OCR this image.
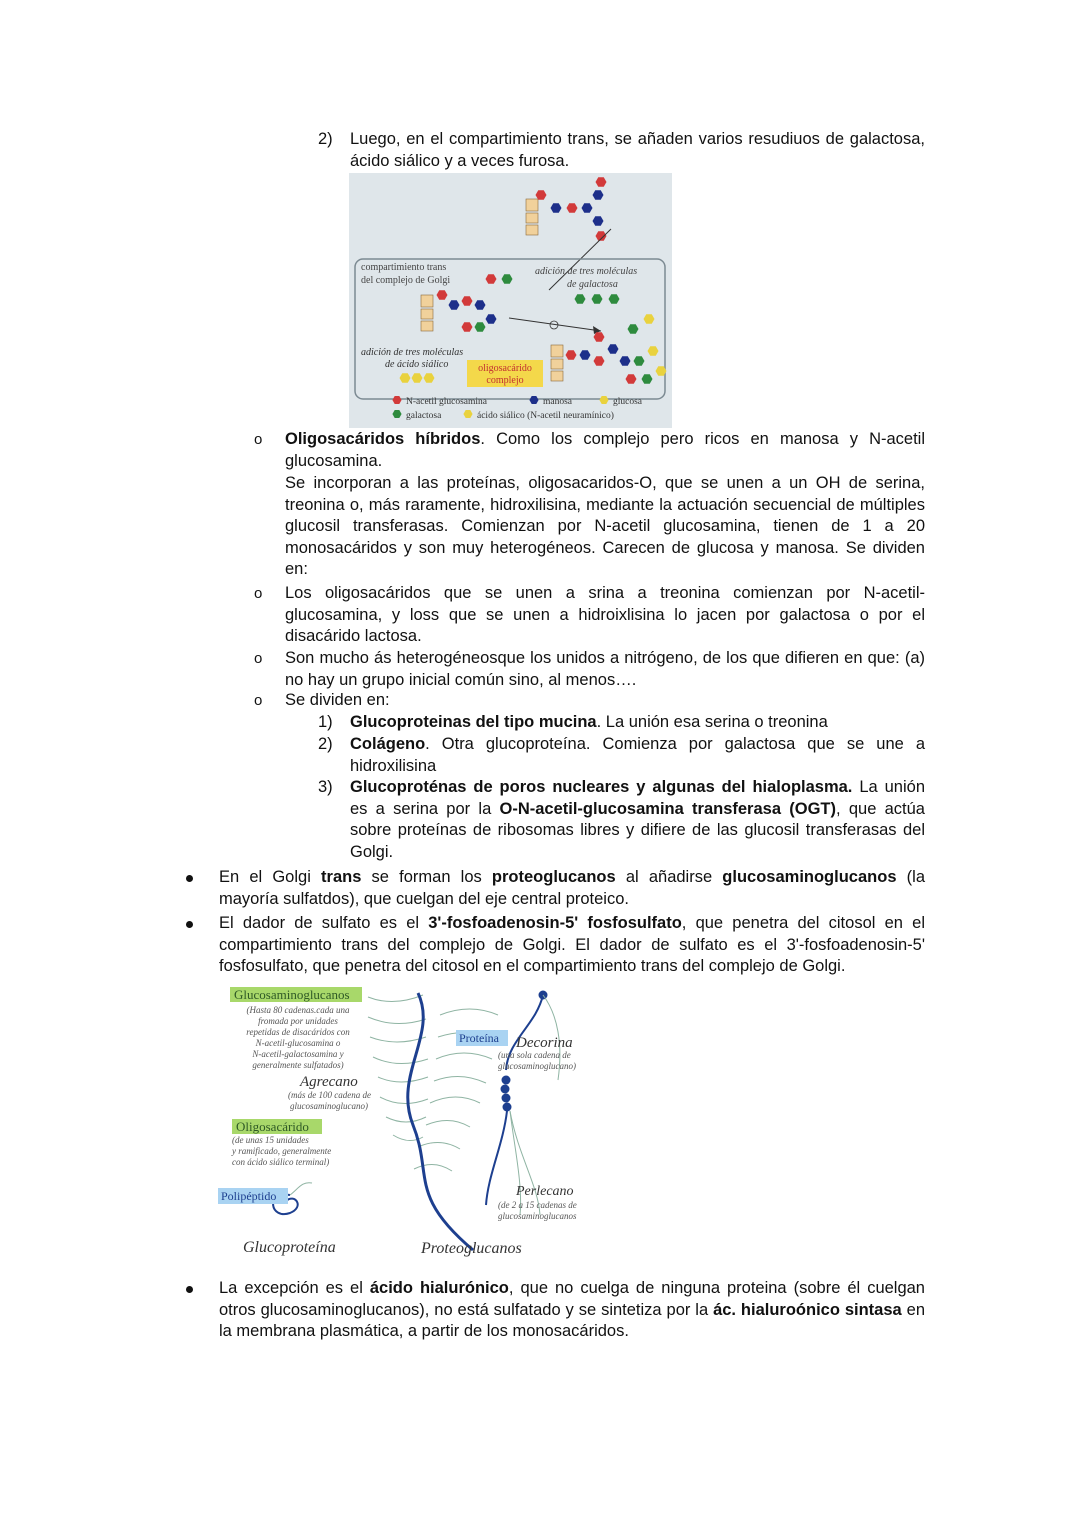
2) Luego, en el compartimiento trans, se añaden varios resudiuos de galactosa, ácido siálico y a veces furosa.
compartimiento trans
del complejo de Golgi
adición de tres moléculas
de galactosa
adición de tres moléculas
de ácido siálico	oligosacárido
complejo
N-acetil glucosamina	manosa	glucosa
galactosa	ácido siálico (N-acetil neuramínico)
o Oligosacáridos híbridos. Como los complejo pero ricos en manosa y N-acetil glucosamina.
Se incorporan a las proteínas, oligosacaridos-O, que se unen a un OH de serina, treonina o, más raramente, hidroxilisina, mediante la actuación secuencial de múltiples glucosil transferasas. Comienzan por N-acetil glucosamina, tienen de 1 a 20 monosacáridos y son muy heterogéneos. Carecen de glucosa y manosa. Se dividen en:
o Los oligosacáridos que se unen a srina a treonina comienzan por N-acetil-glucosamina, y loss que se unen a hidroixlisina lo jacen por galactosa o por el disacárido lactosa.
o Son mucho ás heterogéneosque los unidos a nitrógeno, de los que difieren en que: (a) no hay un grupo inicial común sino, al menos….
o Se dividen en:
1) Glucoproteinas del tipo mucina. La unión esa serina o treonina
2) Colágeno. Otra glucoproteína. Comienza por galactosa que se une a hidroxilisina
3) Glucoproténas de poros nucleares y algunas del hialoplasma. La unión es a serina por la O-N-acetil-glucosamina transferasa (OGT), que actúa sobre proteínas de ribosomas libres y difiere de las glucosil transferasas del Golgi.
En el Golgi trans se forman los proteoglucanos al añadirse glucosaminoglucanos (la mayoría sulfatdos), que cuelgan del eje central proteico.
El dador de sulfato es el 3'-fosfoadenosin-5' fosfosulfato, que penetra del citosol en el compartimiento trans del complejo de Golgi. El dador de sulfato es el 3'-fosfoadenosin-5' fosfosulfato, que penetra del citosol en el compartimiento trans del complejo de Golgi.
Glucosaminoglucanos
(Hasta 80 cadenas.cada una
fromada por unidades
repetidas de disacáridos con
N-acetil-glucosamina o
N-acetil-galactosamina y
generalmente sulfatados)
Agrecano
(más de 100 cadena de
glucosaminoglucano)
Oligosacárido
(de unas 15 unidades
y ramificado, generalmente
con ácido siálico terminal)
Polipéptido
Glucoproteína
Proteína Decorina
(una sola cadena de
glucosaminoglucano)
Perlecano
(de 2 a 15 cadenas de
glucosaminoglucanos
Proteoglucanos
La excepción es el ácido hialurónico, que no cuelga de ninguna proteina (sobre él cuelgan otros glucosaminoglucanos), no está sulfatado y se sintetiza por la ác. hialuroónico sintasa en la membrana plasmática, a partir de los monosacáridos.
